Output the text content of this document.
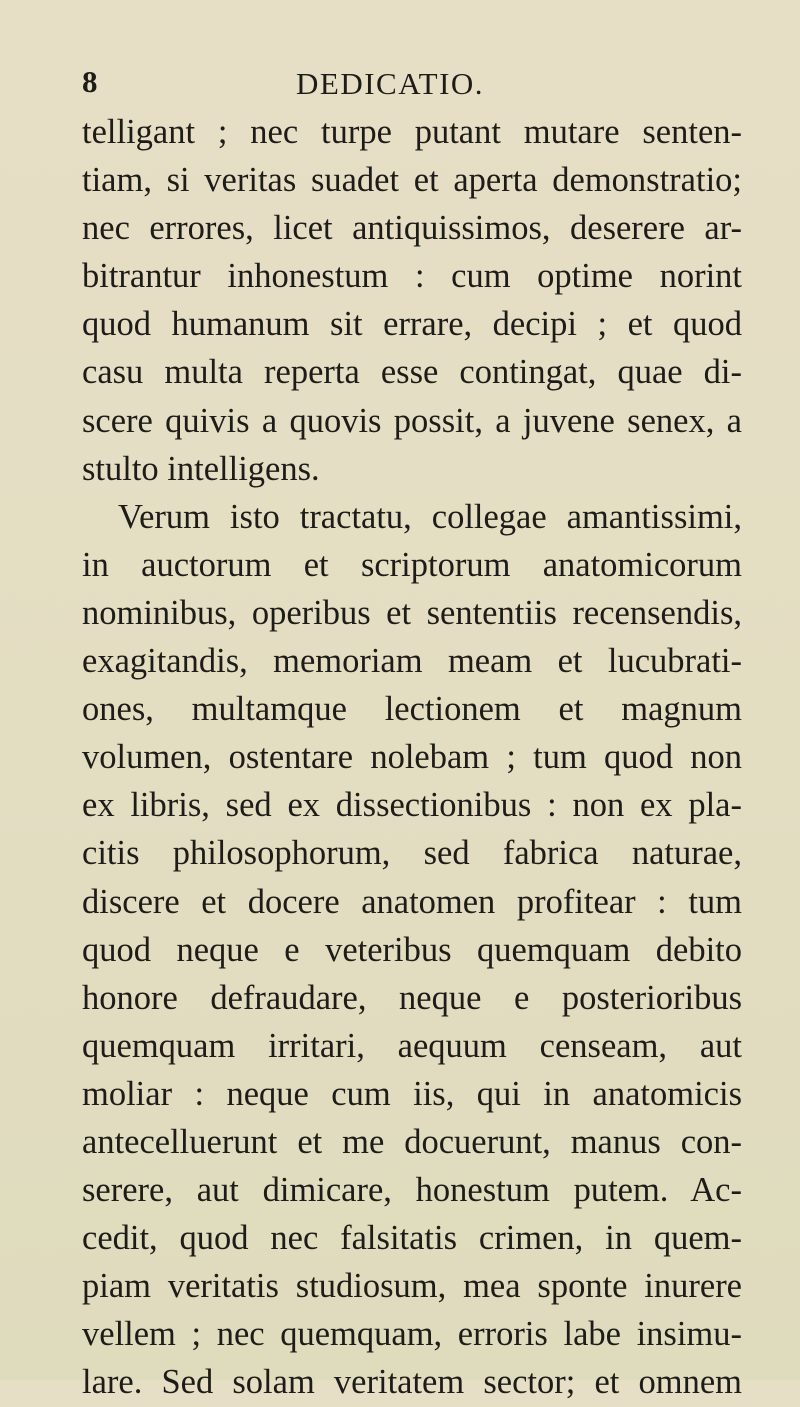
8	DEDICATIO.
telligant ; nec turpe putant mutare senten-
tiam, si veritas suadet et aperta demonstratio;
nec errores, licet antiquissimos, deserere ar-
bitrantur inhonestum : cum optime norint
quod humanum sit errare, decipi ; et quod
casu multa reperta esse contingat, quae di-
scere quivis a quovis possit, a juvene senex, a
stulto intelligens.
Verum isto tractatu, collegae amantissimi,
in auctorum et scriptorum anatomicorum
nominibus, operibus et sententiis recensendis,
exagitandis, memoriam meam et lucubrati-
ones, multamque lectionem et magnum
volumen, ostentare nolebam ; tum quod non
ex libris, sed ex dissectionibus : non ex pla-
citis philosophorum, sed fabrica naturae,
discere et docere anatomen profitear : tum
quod neque e veteribus quemquam debito
honore defraudare, neque e posterioribus
quemquam irritari, aequum censeam, aut
moliar : neque cum iis, qui in anatomicis
antecelluerunt et me docuerunt, manus con-
serere, aut dimicare, honestum putem. Ac-
cedit, quod nec falsitatis crimen, in quem-
piam veritatis studiosum, mea sponte inurere
vellem ; nec quemquam, erroris labe insimu-
lare. Sed solam veritatem sector; et omnem
